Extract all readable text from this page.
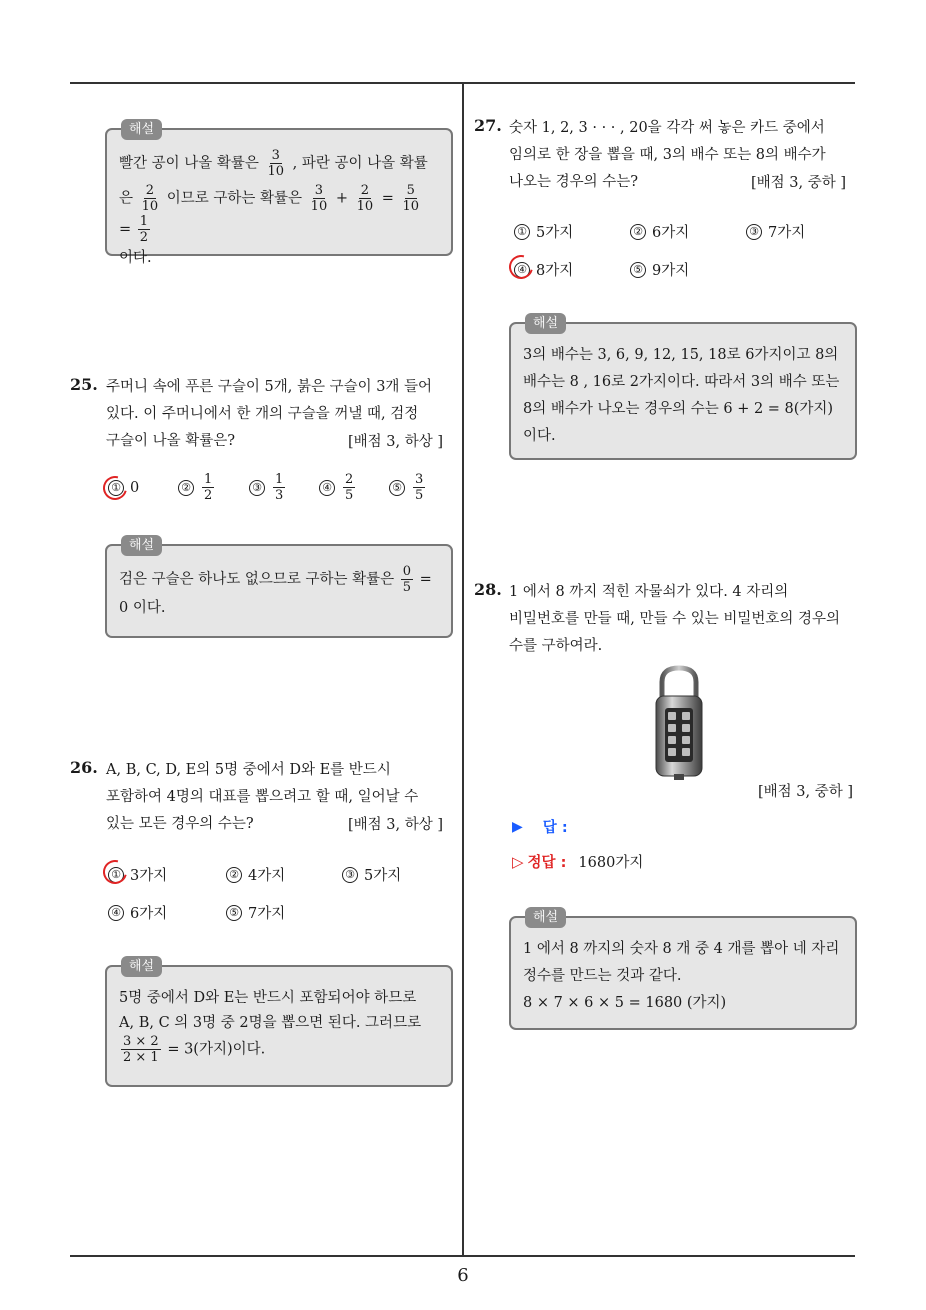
해설
빨간 공이 나올 확률은 $\frac{3}{10}$ , 파란 공이 나올 확률
은 $\frac{2}{10}$ 이므로 구하는 확률은 $\frac{3}{10} + \frac{2}{10} = \frac{5}{10}$
= $\frac{1}{2}$
이다.
25. 주머니 속에 푸른 구슬이 5개, 붉은 구슬이 3개 들어
있다. 이 주머니에서 한 개의 구슬을 꺼낼 때, 검정
구슬이 나올 확률은?	[배점 3, 하상 ]
① 0	② $\frac{1}{2}$	③ $\frac{1}{3}$	④ $\frac{2}{5}$	⑤ $\frac{3}{5}$
해설
검은 구슬은 하나도 없으므로 구하는 확률은 $\frac{0}{5}$ =
0 이다.
26. A, B, C, D, E의 5명 중에서 D와 E를 반드시
포함하여 4명의 대표를 뽑으려고 할 때, 일어날 수
있는 모든 경우의 수는?	[배점 3, 하상 ]
① 3가지	② 4가지	③ 5가지
④ 6가지	⑤ 7가지
해설
5명 중에서 D와 E는 반드시 포함되어야 하므로
A, B, C 의 3명 중 2명을 뽑으면 된다. 그러므로
$\frac{3 \times 2}{2 \times 1} = 3$(가지)이다.
27. 숫자 1, 2, 3 · · · , 20을 각각 써 놓은 카드 중에서
임의로 한 장을 뽑을 때, 3의 배수 또는 8의 배수가
나오는 경우의 수는?	[배점 3, 중하 ]
① 5가지	② 6가지	③ 7가지
④ 8가지	⑤ 9가지
해설
3의 배수는 3, 6, 9, 12, 15, 18로 6가지이고 8의
배수는 8 , 16로 2가지이다. 따라서 3의 배수 또는
8의 배수가 나오는 경우의 수는 6 + 2 = 8(가지)
이다.
28. 1 에서 8 까지 적힌 자물쇠가 있다. 4 자리의
비밀번호를 만들 때, 만들 수 있는 비밀번호의 경우의
수를 구하여라.
[배점 3, 중하 ]
▶ 답 :
▷ 정답 : 1680가지
해설
1 에서 8 까지의 숫자 8 개 중 4 개를 뽑아 네 자리
정수를 만드는 것과 같다.
8 × 7 × 6 × 5 = 1680 (가지)
6
